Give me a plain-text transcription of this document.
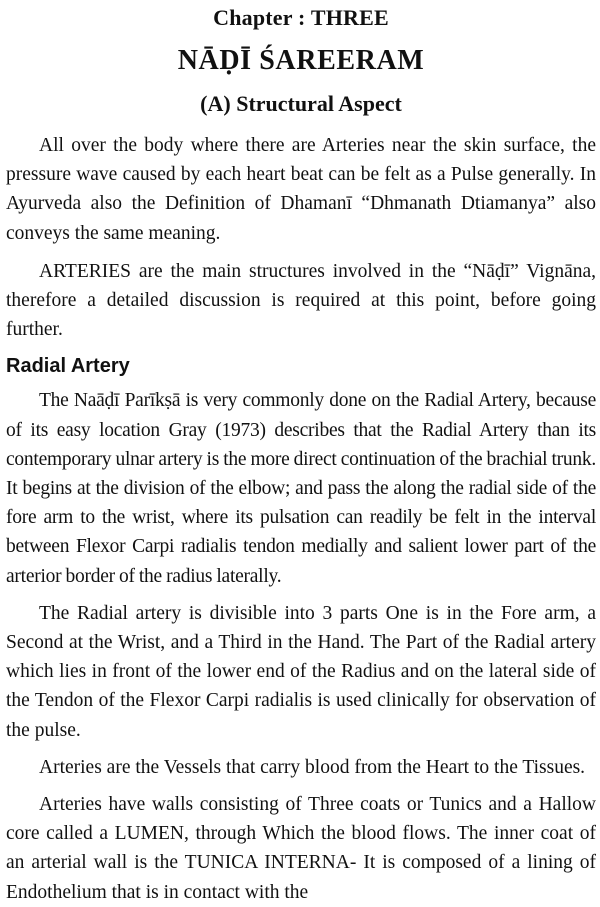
Chapter : THREE
NĀḌĪ ŚAREERAM
(A) Structural Aspect

All over the body where there are Arteries near the skin surface, the pressure wave caused by each heart beat can be felt as a Pulse generally. In Ayurveda also the Definition of Dhamanī “Dhmanath Dtiamanya” also conveys the same meaning.

ARTERIES are the main structures involved in the “Nāḍī” Vignāna, therefore a detailed discussion is required at this point, before going further.

Radial Artery

The Naāḍī Parīkṣā is very commonly done on the Radial Artery, because of its easy location Gray (1973) describes that the Radial Artery than its contemporary ulnar artery is the more direct continuation of the brachial trunk. It begins at the division of the elbow; and pass the along the radial side of the fore arm to the wrist, where its pulsation can readily be felt in the interval between Flexor Carpi radialis tendon medially and salient lower part of the arterior border of the radius laterally.

The Radial artery is divisible into 3 parts One is in the Fore arm, a Second at the Wrist, and a Third in the Hand. The Part of the Radial artery which lies in front of the lower end of the Radius and on the lateral side of the Tendon of the Flexor Carpi radialis is used clinically for observation of the pulse.

Arteries are the Vessels that carry blood from the Heart to the Tissues.

Arteries have walls consisting of Three coats or Tunics and a Hallow core called a LUMEN, through Which the blood flows. The inner coat of an arterial wall is the TUNICA INTERNA- It is composed of a lining of Endothelium that is in contact with the
